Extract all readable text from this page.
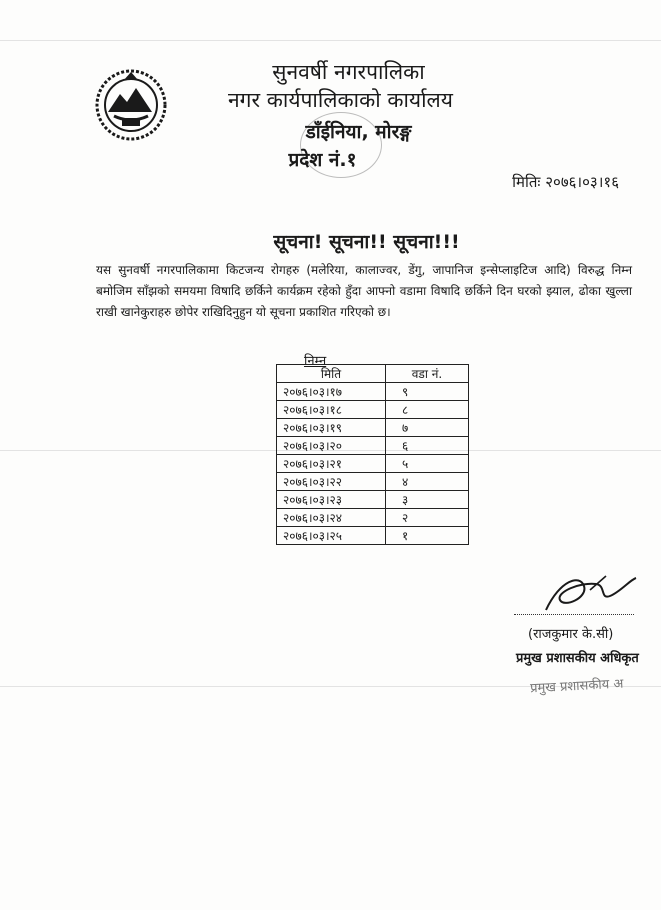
सुनवर्षी नगरपालिका
नगर कार्यपालिकाको कार्यालय
डाँईनिया, मोरङ्ग
प्रदेश नं.१
मितिः २०७६।०३।१६
सूचना! सूचना!! सूचना!!!
यस सुनवर्षी नगरपालिकामा किटजन्य रोगहरु (मलेरिया, कालाज्वर, डेंगु, जापानिज इन्सेप्लाइटिज आदि) विरुद्ध निम्न बमोजिम साँझको समयमा विषादि छर्किने कार्यक्रम रहेको हुँदा आफ्नो वडामा विषादि छर्किने दिन घरको झ्याल, ढोका खुल्ला राखी खानेकुराहरु छोपेर राखिदिनुहुन यो सूचना प्रकाशित गरिएको छ।
निम्न
मिति	वडा नं.
२०७६।०३।१७	९
२०७६।०३।१८	८
२०७६।०३।१९	७
२०७६।०३।२०	६
२०७६।०३।२१	५
२०७६।०३।२२	४
२०७६।०३।२३	३
२०७६।०३।२४	२
२०७६।०३।२५	१
(राजकुमार के.सी)
प्रमुख प्रशासकीय अधिकृत
प्रमुख प्रशासकीय अ
